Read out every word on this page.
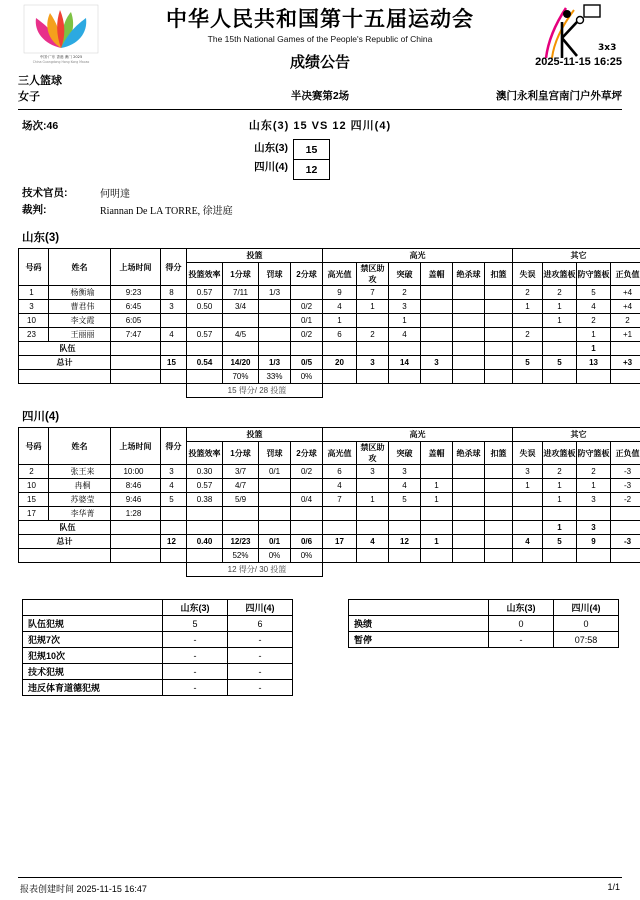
中国·广东 香港 澳门 2025
China Guangdong Hong Kong Macao
中华人民共和国第十五届运动会
The 15th National Games of the People's Republic of China
成绩公告
3x3
三人篮球
2025-11-15 16:25
女子	半决赛第2场	澳门永利皇宫南门户外草坪
场次:46	山东(3) 15 VS 12 四川(4)
山东(3)
四川(4)
15
12
技术官员:	何明達
裁判:	Riannan De LA TORRE, 徐进庭
山东(3)
号码	姓名	上场时间	得分	投篮				高光						其它			
				投篮效率	1分球	罚球	2分球	高光值	禁区助攻	突破	盖帽	绝杀球	扣篮	失误	进攻篮板	防守篮板	正负值
1	杨衡瑜	9:23	8	0.57	7/11	1/3		9	7	2				2	2	5	+4
3	曹君伟	6:45	3	0.50	3/4		0/2	4	1	3				1	1	4	+4
10	李文霞	6:05					0/1	1		1					1	2	2
23	王丽丽	7:47	4	0.57	4/5		0/2	6	2	4				2		1	+1
队伍																1	
总计			15	0.54	14/20	1/3	0/5	20	3	14	3			5	5	13	+3
					70%	33%	0%										
				15 得分/ 28 投篮													
四川(4)
号码	姓名	上场时间	得分	投篮				高光						其它			
				投篮效率	1分球	罚球	2分球	高光值	禁区助攻	突破	盖帽	绝杀球	扣篮	失误	进攻篮板	防守篮板	正负值
2	张王来	10:00	3	0.30	3/7	0/1	0/2	6	3	3				3	2	2	-3
10	冉桐	8:46	4	0.57	4/7			4		4	1			1	1	1	-3
15	苏婆莹	9:46	5	0.38	5/9		0/4	7	1	5	1				1	3	-2
17	李华菁	1:28															
队伍															1	3	
总计			12	0.40	12/23	0/1	0/6	17	4	12	1			4	5	9	-3
					52%	0%	0%										
				12 得分/ 30 投篮													
	山东(3)	四川(4)
队伍犯规	5	6
犯规7次	-	-
犯规10次	-	-
技术犯规	-	-
违反体育道德犯规	-	-
	山东(3)	四川(4)
换绩	0	0
暂停	-	07:58
报表创建时间 2025-11-15 16:47	1/1
